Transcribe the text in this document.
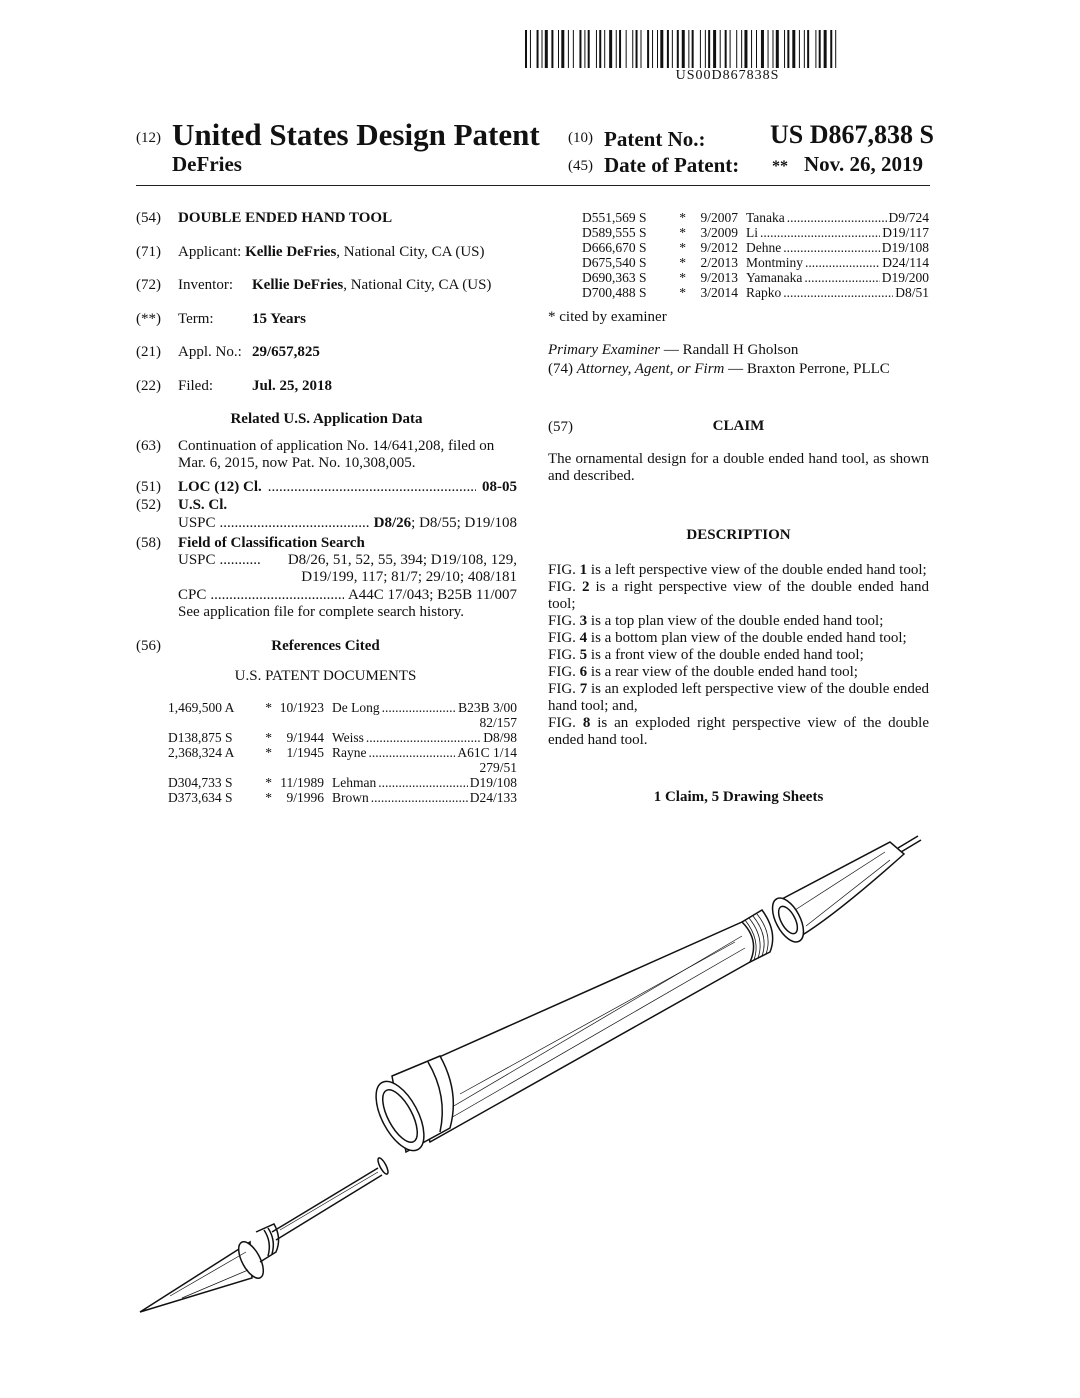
US00D867838S
(12) United States Design Patent
DeFries
(10) Patent No.: US D867,838 S
(45) Date of Patent: ** Nov. 26, 2019
(54) DOUBLE ENDED HAND TOOL
(71) Applicant: Kellie DeFries, National City, CA (US)
(72) Inventor: Kellie DeFries, National City, CA (US)
(**) Term:	15 Years
(21) Appl. No.: 29/657,825
(22) Filed:	Jul. 25, 2018
Related U.S. Application Data
(63) Continuation of application No. 14/641,208, filed on
Mar. 6, 2015, now Pat. No. 10,308,005.
(51) LOC (12) Cl. .....	08-05
(52) U.S. Cl.
USPC .....	D8/26; D8/55; D19/108
(58) Field of Classification Search
USPC .....	D8/26, 51, 52, 55, 394; D19/108, 129,
D19/199, 117; 81/7; 29/10; 408/181
CPC .....	A44C 17/043; B25B 11/007
See application file for complete search history.
(56)	References Cited
U.S. PATENT DOCUMENTS
1,469,500 A	* 10/1923 De Long .....	B23B 3/00
82/157
D138,875 S	*	9/1944 Weiss .....	D8/98
2,368,324 A	*	1/1945 Rayne .....	A61C 1/14
279/51
D304,733 S	* 11/1989 Lehman .....	D19/108
D373,634 S	*	9/1996 Brown .....	D24/133
D551,569 S	*	9/2007 Tanaka .....	D9/724
D589,555 S	*	3/2009 Li .....	D19/117
D666,670 S	*	9/2012 Dehne .....	D19/108
D675,540 S	*	2/2013 Montminy .....	D24/114
D690,363 S	*	9/2013 Yamanaka .....	D19/200
D700,488 S	*	3/2014 Rapko .....	D8/51
* cited by examiner
Primary Examiner — Randall H Gholson
(74) Attorney, Agent, or Firm — Braxton Perrone, PLLC
(57)	CLAIM
The ornamental design for a double ended hand tool, as shown and described.
DESCRIPTION
FIG. 1 is a left perspective view of the double ended hand tool;
FIG. 2 is a right perspective view of the double ended hand tool;
FIG. 3 is a top plan view of the double ended hand tool;
FIG. 4 is a bottom plan view of the double ended hand tool;
FIG. 5 is a front view of the double ended hand tool;
FIG. 6 is a rear view of the double ended hand tool;
FIG. 7 is an exploded left perspective view of the double ended hand tool; and,
FIG. 8 is an exploded right perspective view of the double ended hand tool.
1 Claim, 5 Drawing Sheets
